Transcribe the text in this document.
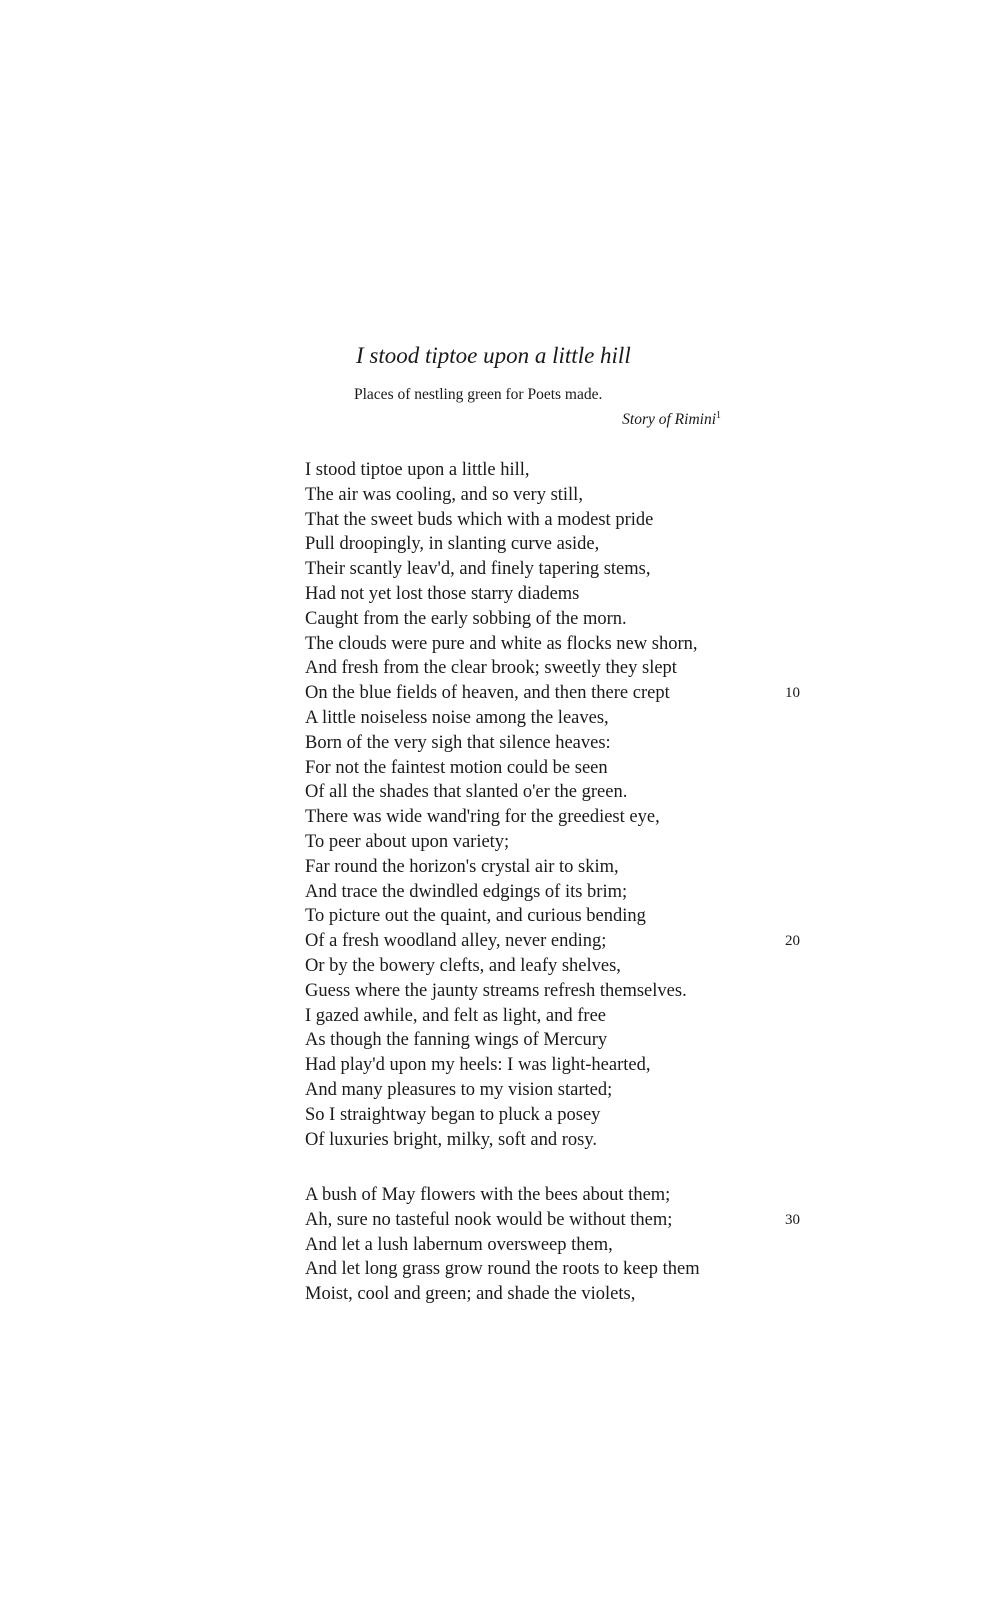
I stood tiptoe upon a little hill
Places of nestling green for Poets made.
Story of Rimini$^1$
I stood tiptoe upon a little hill,
The air was cooling, and so very still,
That the sweet buds which with a modest pride
Pull droopingly, in slanting curve aside,
Their scantly leav'd, and finely tapering stems,
Had not yet lost those starry diadems
Caught from the early sobbing of the morn.
The clouds were pure and white as flocks new shorn,
And fresh from the clear brook; sweetly they slept
On the blue fields of heaven, and then there crept	10
A little noiseless noise among the leaves,
Born of the very sigh that silence heaves:
For not the faintest motion could be seen
Of all the shades that slanted o'er the green.
There was wide wand'ring for the greediest eye,
To peer about upon variety;
Far round the horizon's crystal air to skim,
And trace the dwindled edgings of its brim;
To picture out the quaint, and curious bending
Of a fresh woodland alley, never ending;	20
Or by the bowery clefts, and leafy shelves,
Guess where the jaunty streams refresh themselves.
I gazed awhile, and felt as light, and free
As though the fanning wings of Mercury
Had play'd upon my heels: I was light-hearted,
And many pleasures to my vision started;
So I straightway began to pluck a posey
Of luxuries bright, milky, soft and rosy.
A bush of May flowers with the bees about them;
Ah, sure no tasteful nook would be without them;	30
And let a lush labernum oversweep them,
And let long grass grow round the roots to keep them
Moist, cool and green; and shade the violets,
